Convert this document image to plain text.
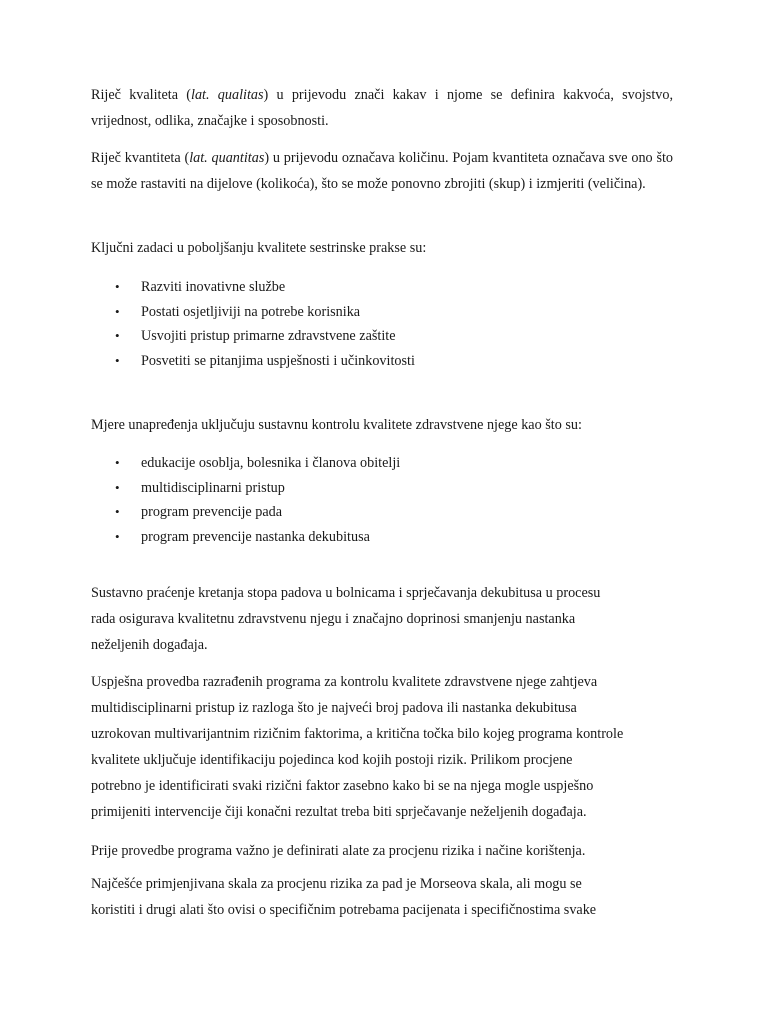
Riječ kvaliteta (lat. qualitas) u prijevodu znači kakav i njome se definira kakvoća, svojstvo, vrijednost, odlika, značajke i sposobnosti.

Riječ kvantiteta (lat. quantitas) u prijevodu označava količinu. Pojam kvantiteta označava sve ono što se može rastaviti na dijelove (kolikoća), što se može ponovno zbrojiti (skup) i izmjeriti (veličina).

Ključni zadaci u poboljšanju kvalitete sestrinske prakse su:

• Razviti inovativne službe
• Postati osjetljiviji na potrebe korisnika
• Usvojiti pristup primarne zdravstvene zaštite
• Posvetiti se pitanjima uspješnosti i učinkovitosti

Mjere unapređenja uključuju sustavnu kontrolu kvalitete zdravstvene njege kao što su:

• edukacije osoblja, bolesnika i članova obitelji
• multidisciplinarni pristup
• program prevencije pada
• program prevencije nastanka dekubitusa

Sustavno praćenje kretanja stopa padova u bolnicama i sprječavanja dekubitusa u procesu
rada osigurava kvalitetnu zdravstvenu njegu i značajno doprinosi smanjenju nastanka
neželjenih događaja.

Uspješna provedba razrađenih programa za kontrolu kvalitete zdravstvene njege zahtjeva
multidisciplinarni pristup iz razloga što je najveći broj padova ili nastanka dekubitusa
uzrokovan multivarijantnim rizičnim faktorima, a kritična točka bilo kojeg programa kontrole
kvalitete uključuje identifikaciju pojedinca kod kojih postoji rizik. Prilikom procjene
potrebno je identificirati svaki rizični faktor zasebno kako bi se na njega mogle uspješno
primijeniti intervencije čiji konačni rezultat treba biti sprječavanje neželjenih događaja.

Prije provedbe programa važno je definirati alate za procjenu rizika i načine korištenja.

Najčešće primjenjivana skala za procjenu rizika za pad je Morseova skala, ali mogu se
koristiti i drugi alati što ovisi o specifičnim potrebama pacijenata i specifičnostima svake
